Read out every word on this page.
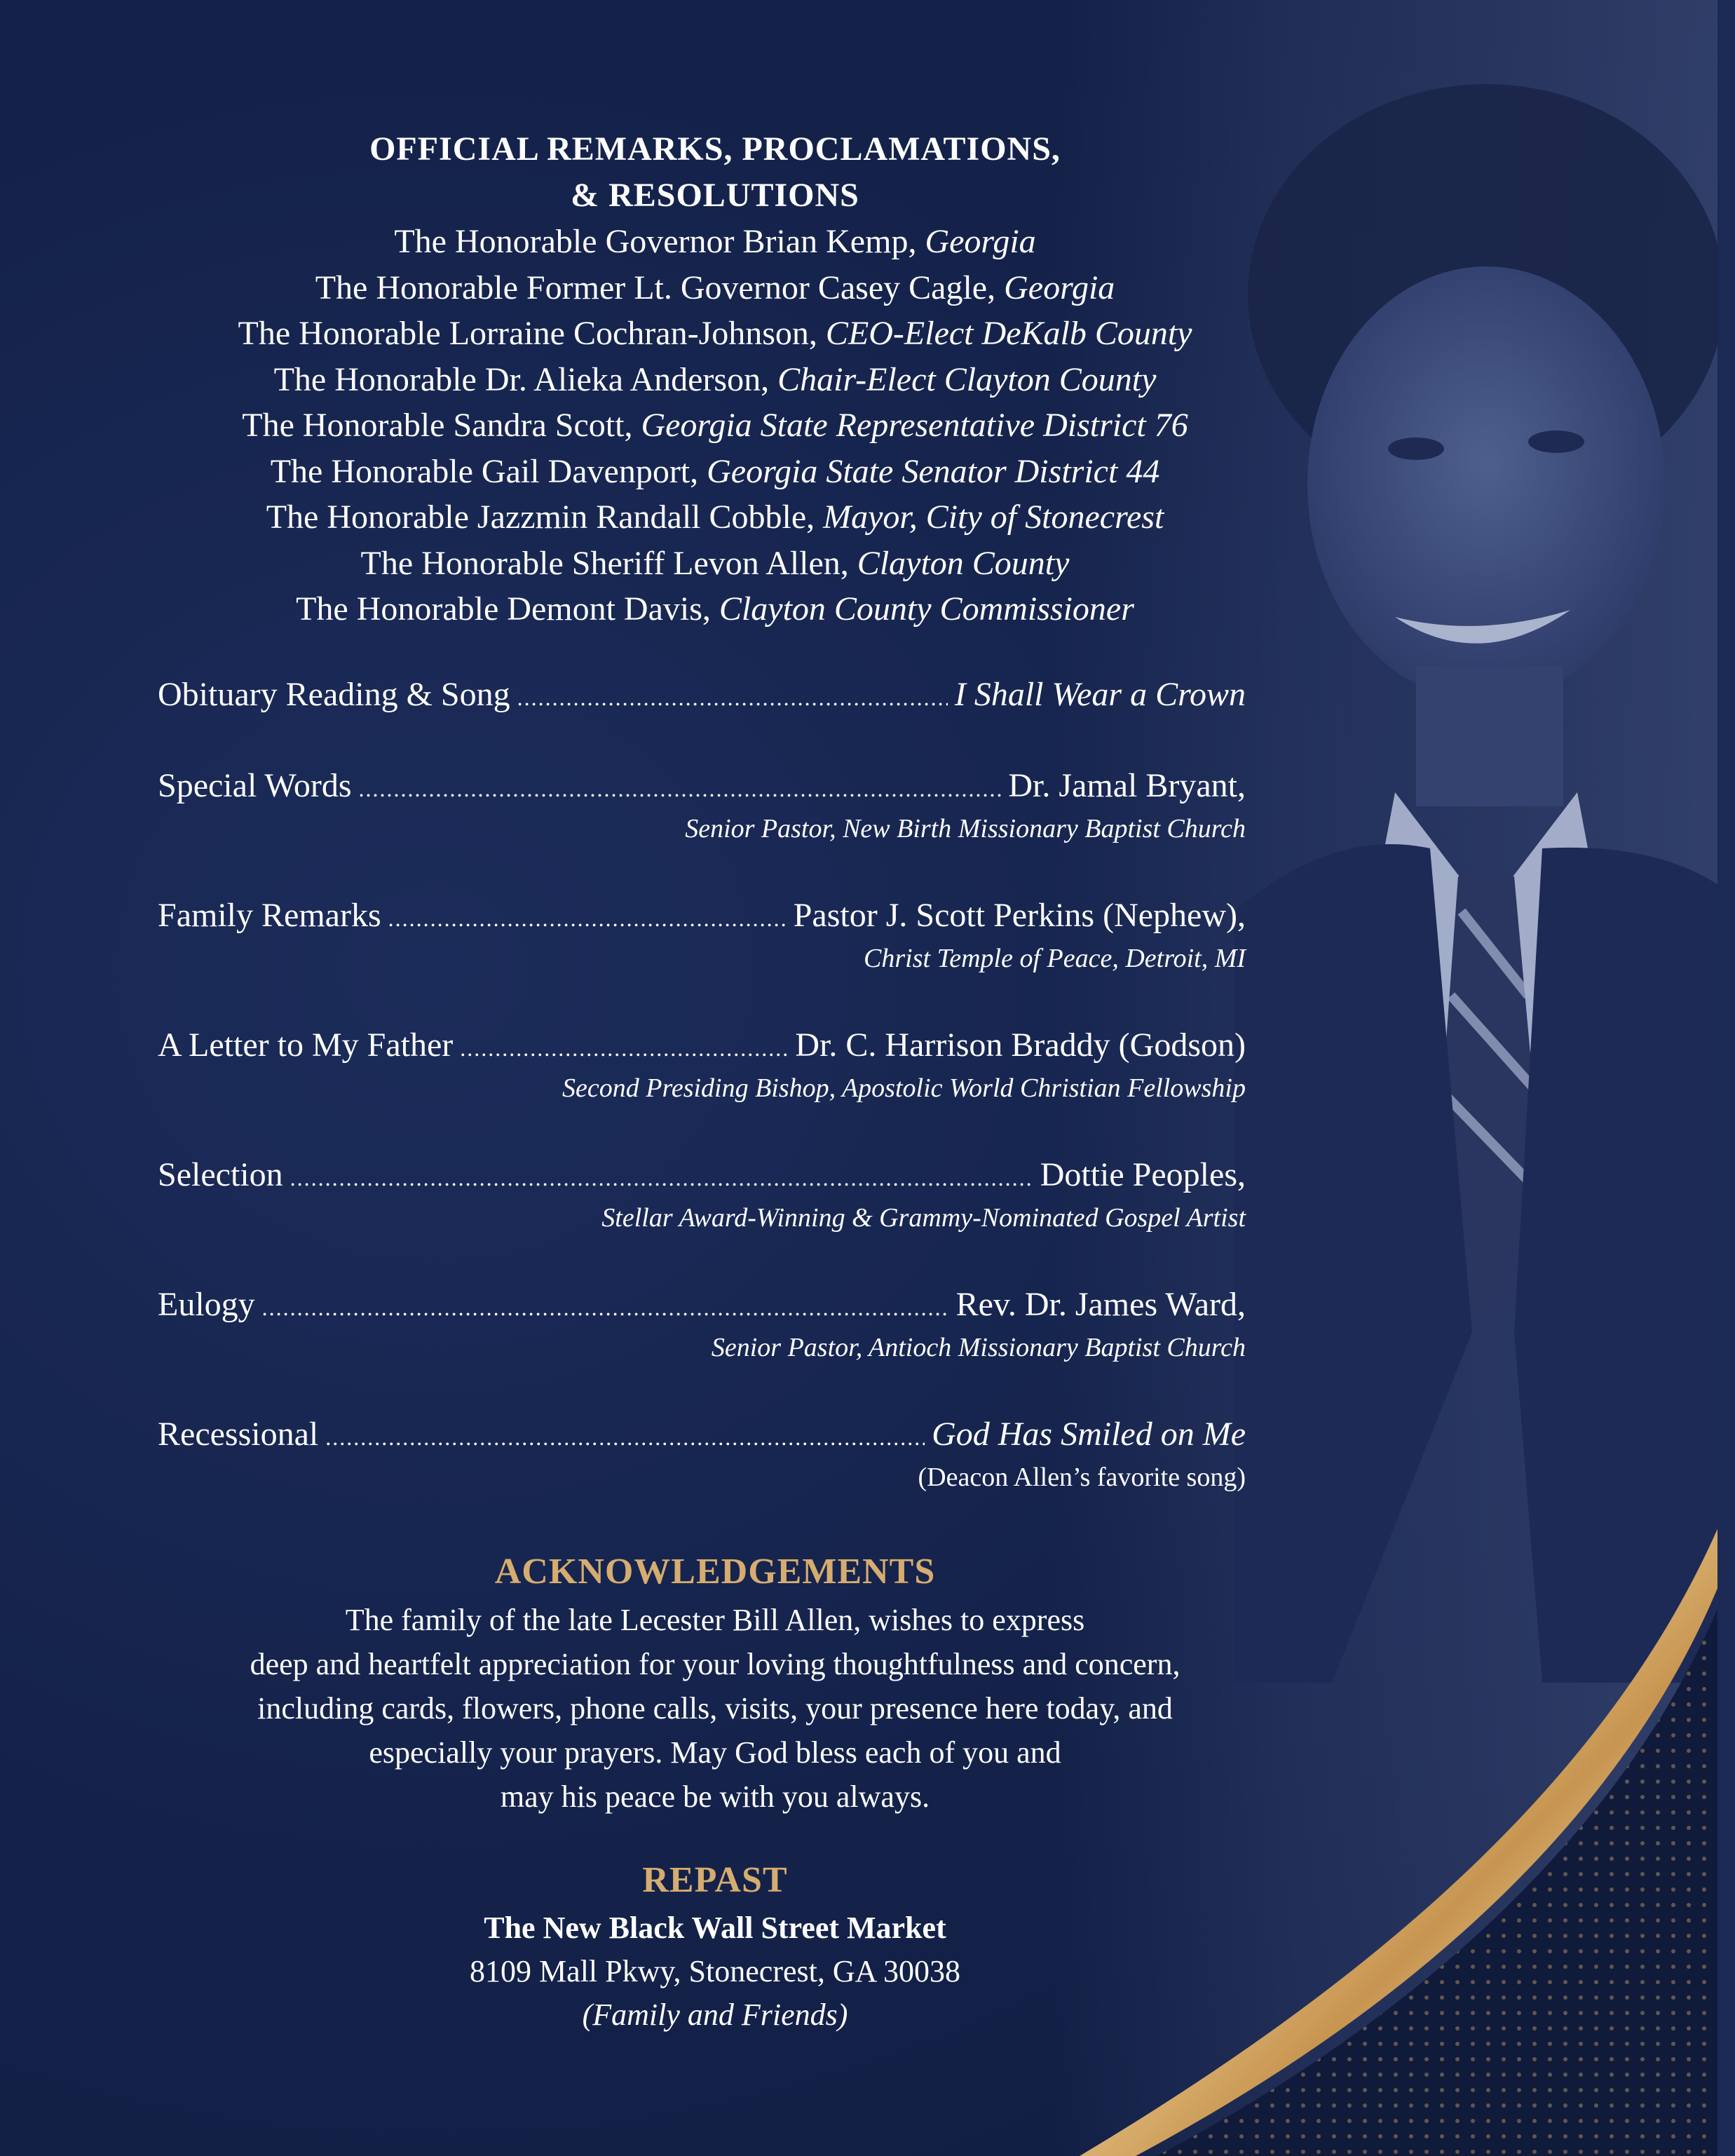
OFFICIAL REMARKS, PROCLAMATIONS,
& RESOLUTIONS
The Honorable Governor Brian Kemp, Georgia
The Honorable Former Lt. Governor Casey Cagle, Georgia
The Honorable Lorraine Cochran-Johnson, CEO-Elect DeKalb County
The Honorable Dr. Alieka Anderson, Chair-Elect Clayton County
The Honorable Sandra Scott, Georgia State Representative District 76
The Honorable Gail Davenport, Georgia State Senator District 44
The Honorable Jazzmin Randall Cobble, Mayor, City of Stonecrest
The Honorable Sheriff Levon Allen, Clayton County
The Honorable Demont Davis, Clayton County Commissioner
Obituary Reading & Song .....	I Shall Wear a Crown
Special Words .....	Dr. Jamal Bryant,
Senior Pastor, New Birth Missionary Baptist Church
Family Remarks .....	Pastor J. Scott Perkins (Nephew),
Christ Temple of Peace, Detroit, MI
A Letter to My Father .....	Dr. C. Harrison Braddy (Godson)
Second Presiding Bishop, Apostolic World Christian Fellowship
Selection .....	Dottie Peoples,
Stellar Award-Winning & Grammy-Nominated Gospel Artist
Eulogy .....	Rev. Dr. James Ward,
Senior Pastor, Antioch Missionary Baptist Church
Recessional .....	God Has Smiled on Me
(Deacon Allen’s favorite song)
ACKNOWLEDGEMENTS
The family of the late Lecester Bill Allen, wishes to express
deep and heartfelt appreciation for your loving thoughtfulness and concern,
including cards, flowers, phone calls, visits, your presence here today, and
especially your prayers. May God bless each of you and
may his peace be with you always.
REPAST
The New Black Wall Street Market
8109 Mall Pkwy, Stonecrest, GA 30038
(Family and Friends)
